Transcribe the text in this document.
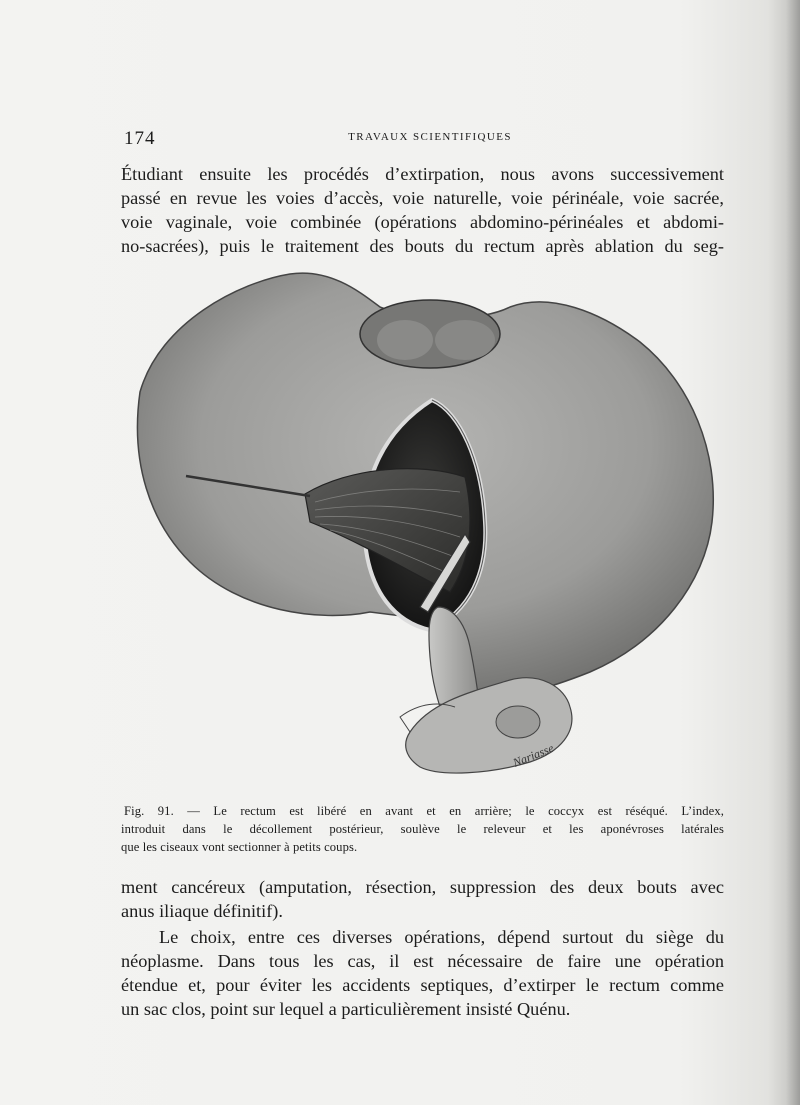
174	TRAVAUX SCIENTIFIQUES
Étudiant ensuite les procédés d’extirpation, nous avons successivement
passé en revue les voies d’accès, voie naturelle, voie périnéale, voie sacrée,
voie vaginale, voie combinée (opérations abdomino-périnéales et abdomi-
no-sacrées), puis le traitement des bouts du rectum après ablation du seg-
Nariasse
Fig. 91. — Le rectum est libéré en avant et en arrière; le coccyx est réséqué. L’index,
introduit dans le décollement postérieur, soulève le releveur et les aponévroses latérales
que les ciseaux vont sectionner à petits coups.
ment cancéreux (amputation, résection, suppression des deux bouts avec
anus iliaque définitif).
Le choix, entre ces diverses opérations, dépend surtout du siège du
néoplasme. Dans tous les cas, il est nécessaire de faire une opération
étendue et, pour éviter les accidents septiques, d’extirper le rectum comme
un sac clos, point sur lequel a particulièrement insisté Quénu.
